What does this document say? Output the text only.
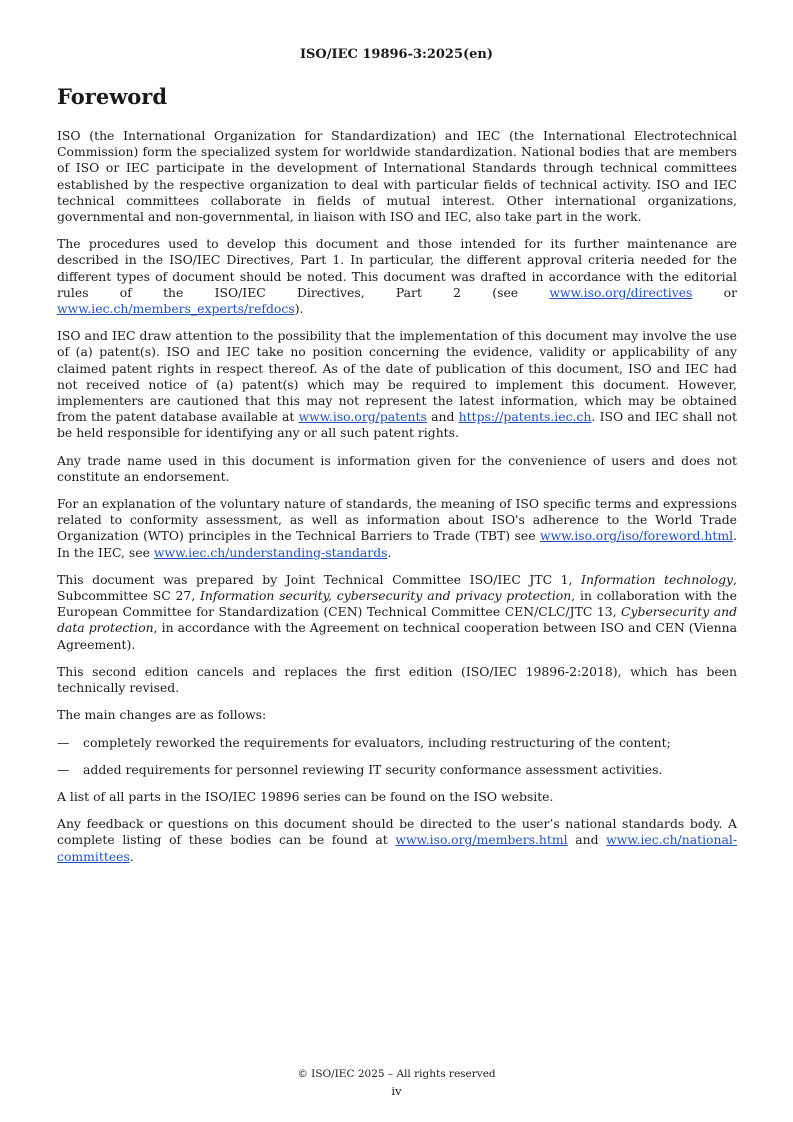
ISO/IEC 19896-3:2025(en)
Foreword

ISO (the International Organization for Standardization) and IEC (the International Electrotechnical Commission) form the specialized system for worldwide standardization. National bodies that are members of ISO or IEC participate in the development of International Standards through technical committees established by the respective organization to deal with particular fields of technical activity. ISO and IEC technical committees collaborate in fields of mutual interest. Other international organizations, governmental and non-governmental, in liaison with ISO and IEC, also take part in the work.

The procedures used to develop this document and those intended for its further maintenance are described in the ISO/IEC Directives, Part 1. In particular, the different approval criteria needed for the different types of document should be noted. This document was drafted in accordance with the editorial rules of the ISO/IEC Directives, Part 2 (see www.iso.org/directives or www.iec.ch/members_experts/refdocs).

ISO and IEC draw attention to the possibility that the implementation of this document may involve the use of (a) patent(s). ISO and IEC take no position concerning the evidence, validity or applicability of any claimed patent rights in respect thereof. As of the date of publication of this document, ISO and IEC had not received notice of (a) patent(s) which may be required to implement this document. However, implementers are cautioned that this may not represent the latest information, which may be obtained from the patent database available at www.iso.org/patents and https://patents.iec.ch. ISO and IEC shall not be held responsible for identifying any or all such patent rights.

Any trade name used in this document is information given for the convenience of users and does not constitute an endorsement.

For an explanation of the voluntary nature of standards, the meaning of ISO specific terms and expressions related to conformity assessment, as well as information about ISO's adherence to the World Trade Organization (WTO) principles in the Technical Barriers to Trade (TBT) see www.iso.org/iso/foreword.html. In the IEC, see www.iec.ch/understanding-standards.

This document was prepared by Joint Technical Committee ISO/IEC JTC 1, Information technology, Subcommittee SC 27, Information security, cybersecurity and privacy protection, in collaboration with the European Committee for Standardization (CEN) Technical Committee CEN/CLC/JTC 13, Cybersecurity and data protection, in accordance with the Agreement on technical cooperation between ISO and CEN (Vienna Agreement).

This second edition cancels and replaces the first edition (ISO/IEC 19896-2:2018), which has been technically revised.

The main changes are as follows:

—	completely reworked the requirements for evaluators, including restructuring of the content;
—	added requirements for personnel reviewing IT security conformance assessment activities.

A list of all parts in the ISO/IEC 19896 series can be found on the ISO website.

Any feedback or questions on this document should be directed to the user’s national standards body. A complete listing of these bodies can be found at www.iso.org/members.html and www.iec.ch/national-committees.

© ISO/IEC 2025 – All rights reserved
iv
